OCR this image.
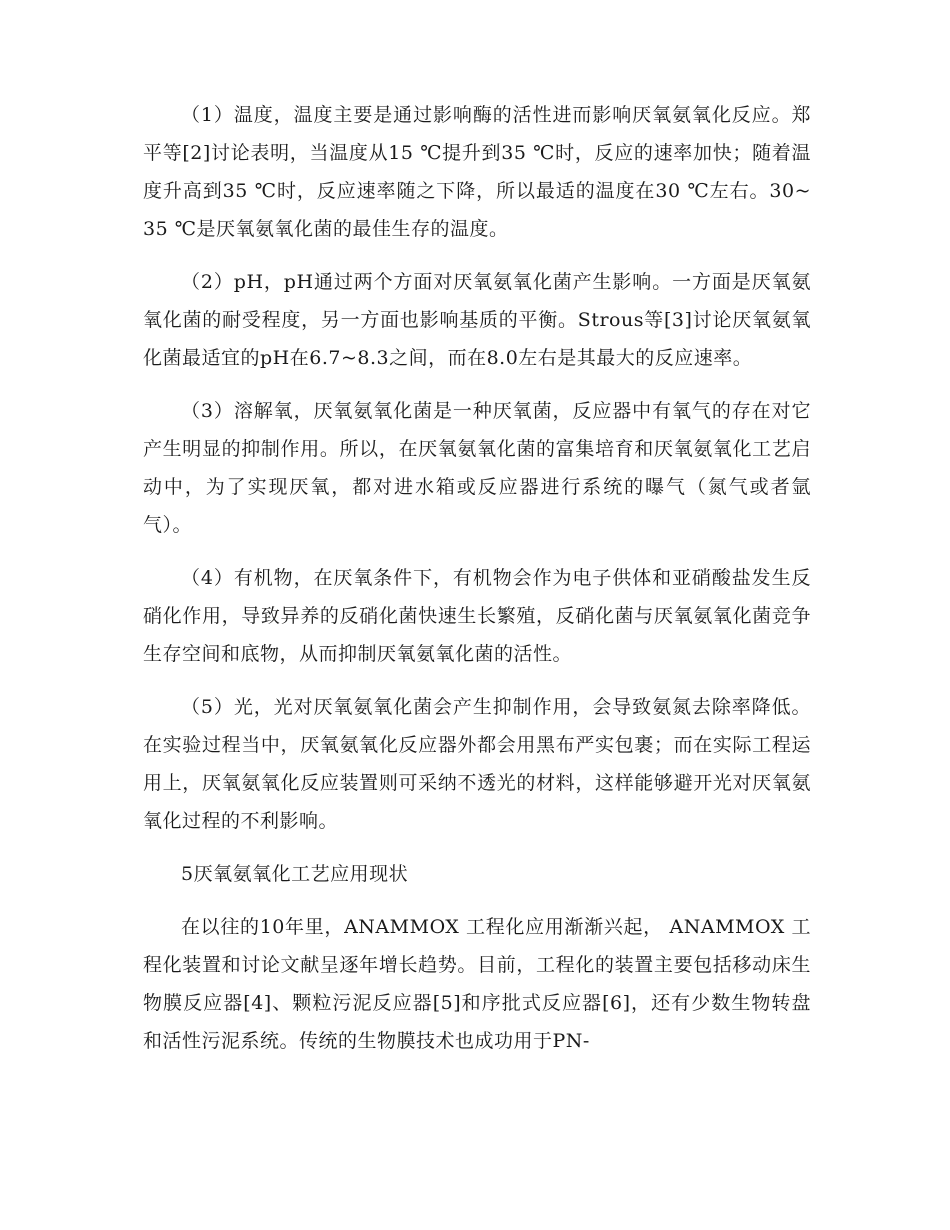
（1）温度，温度主要是通过影响酶的活性进而影响厌氧氨氧化反应。郑平等[2]讨论表明，当温度从15 ℃提升到35 ℃时，反应的速率加快；随着温度升高到35 ℃时，反应速率随之下降，所以最适的温度在30 ℃左右。30~35 ℃是厌氧氨氧化菌的最佳生存的温度。

（2）pH，pH通过两个方面对厌氧氨氧化菌产生影响。一方面是厌氧氨氧化菌的耐受程度，另一方面也影响基质的平衡。Strous等[3]讨论厌氧氨氧化菌最适宜的pH在6.7~8.3之间，而在8.0左右是其最大的反应速率。

（3）溶解氧，厌氧氨氧化菌是一种厌氧菌，反应器中有氧气的存在对它产生明显的抑制作用。所以，在厌氧氨氧化菌的富集培育和厌氧氨氧化工艺启动中，为了实现厌氧，都对进水箱或反应器进行系统的曝气（氮气或者氩气）。

（4）有机物，在厌氧条件下，有机物会作为电子供体和亚硝酸盐发生反硝化作用，导致异养的反硝化菌快速生长繁殖，反硝化菌与厌氧氨氧化菌竞争生存空间和底物，从而抑制厌氧氨氧化菌的活性。

（5）光，光对厌氧氨氧化菌会产生抑制作用，会导致氨氮去除率降低。在实验过程当中，厌氧氨氧化反应器外都会用黑布严实包裹；而在实际工程运用上，厌氧氨氧化反应装置则可采纳不透光的材料，这样能够避开光对厌氧氨氧化过程的不利影响。

5厌氧氨氧化工艺应用现状

在以往的10年里，ANAMMOX 工程化应用渐渐兴起， ANAMMOX 工程化装置和讨论文献呈逐年增长趋势。目前，工程化的装置主要包括移动床生物膜反应器[4]、颗粒污泥反应器[5]和序批式反应器[6]，还有少数生物转盘和活性污泥系统。传统的生物膜技术也成功用于PN-
